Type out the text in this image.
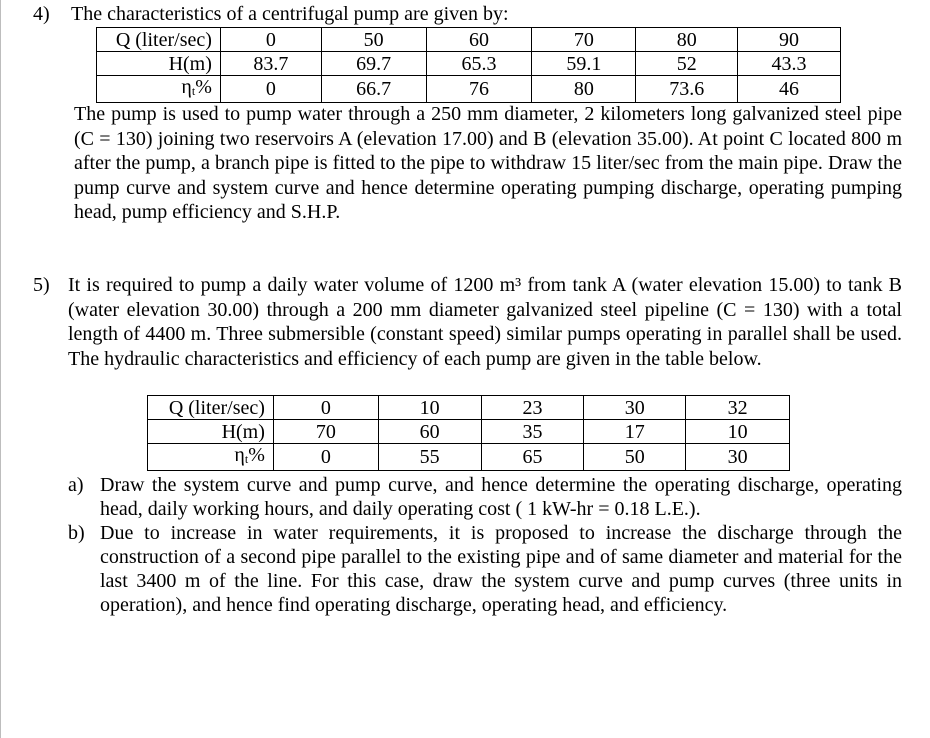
4) The characteristics of a centrifugal pump are given by:
Q (liter/sec)	0	50	60	70	80	90
H(m)	83.7	69.7	65.3	59.1	52	43.3
$\eta_t\%$	0	66.7	76	80	73.6	46
The pump is used to pump water through a 250 mm diameter, 2 kilometers long galvanized steel pipe (C = 130) joining two reservoirs A (elevation 17.00) and B (elevation 35.00). At point C located 800 m after the pump, a branch pipe is fitted to the pipe to withdraw 15 liter/sec from the main pipe. Draw the pump curve and system curve and hence determine operating pumping discharge, operating pumping head, pump efficiency and S.H.P.
5) It is required to pump a daily water volume of 1200 m³ from tank A (water elevation 15.00) to tank B (water elevation 30.00) through a 200 mm diameter galvanized steel pipeline (C = 130) with a total length of 4400 m. Three submersible (constant speed) similar pumps operating in parallel shall be used. The hydraulic characteristics and efficiency of each pump are given in the table below.
Q (liter/sec)	0	10	23	30	32
H(m)	70	60	35	17	10
$\eta_t\%$	0	55	65	50	30
a) Draw the system curve and pump curve, and hence determine the operating discharge, operating head, daily working hours, and daily operating cost ( 1 kW-hr = 0.18 L.E.).
b) Due to increase in water requirements, it is proposed to increase the discharge through the construction of a second pipe parallel to the existing pipe and of same diameter and material for the last 3400 m of the line. For this case, draw the system curve and pump curves (three units in operation), and hence find operating discharge, operating head, and efficiency.
